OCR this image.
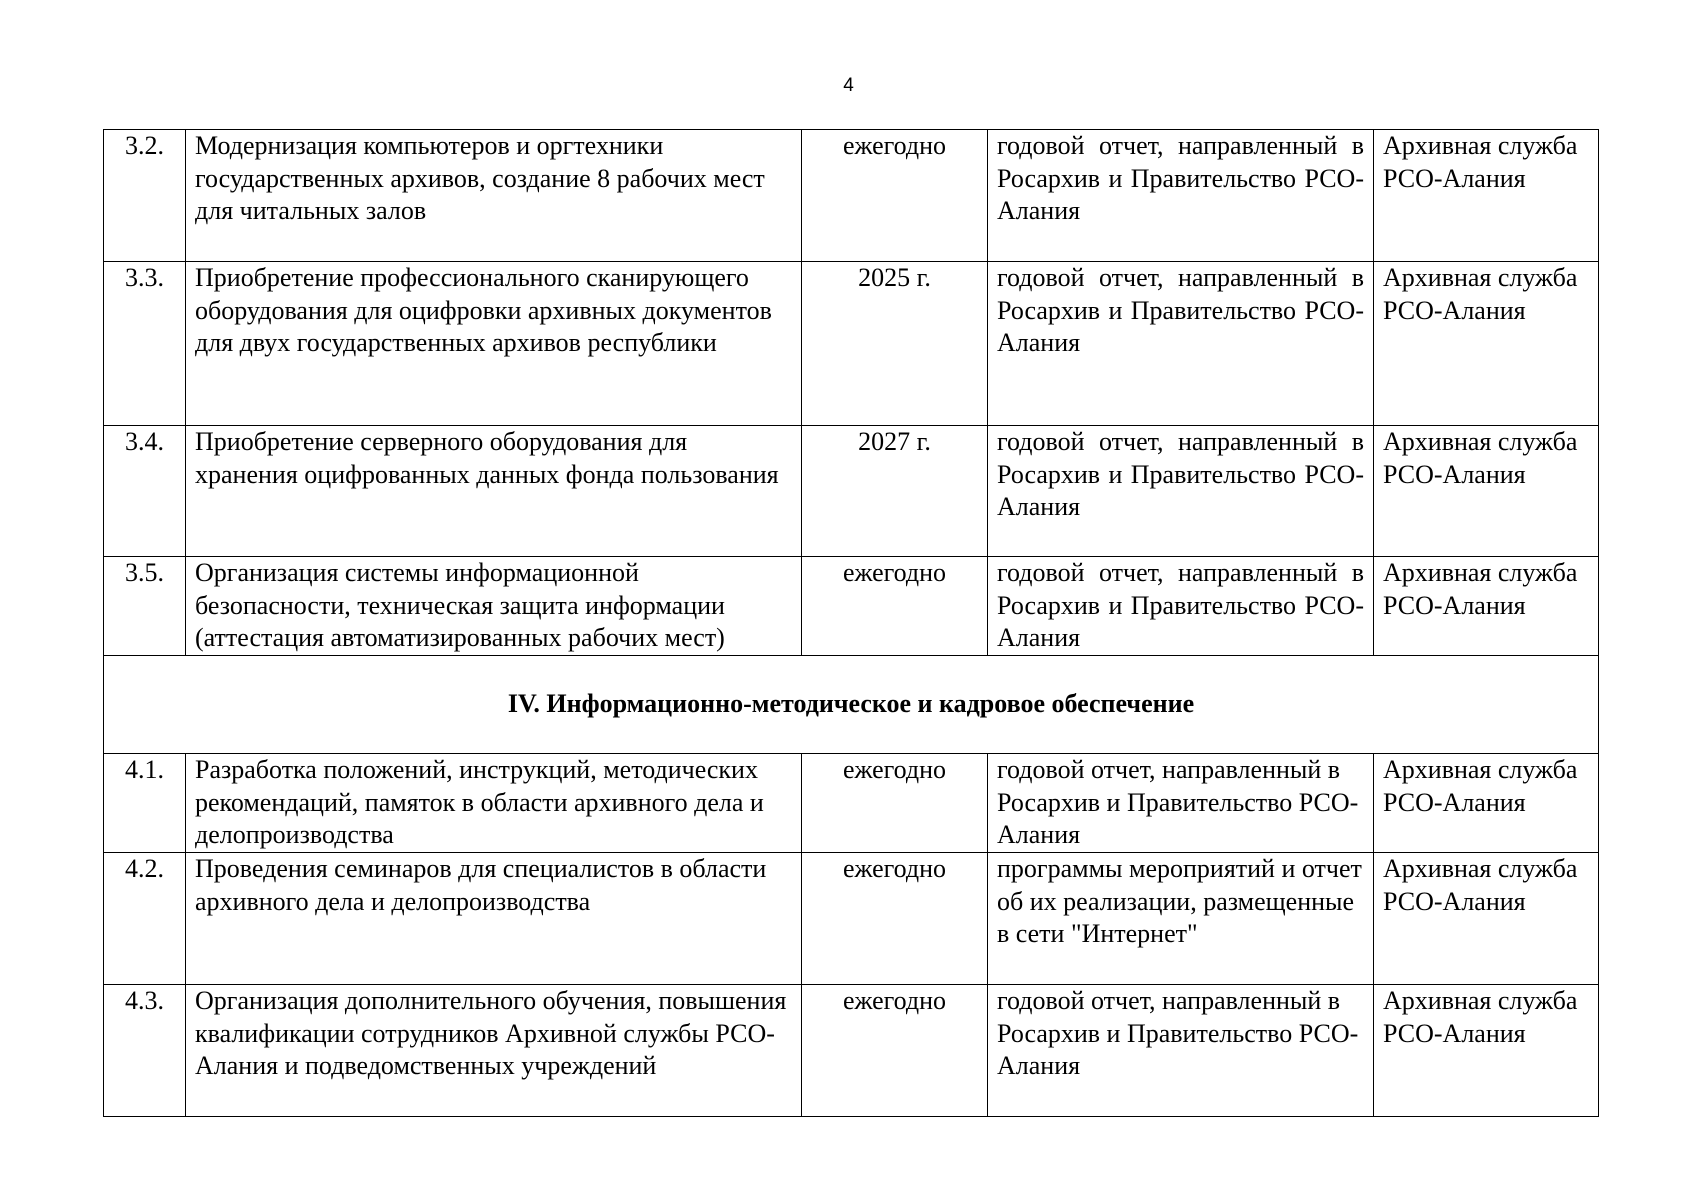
4
3.2.	Модернизация компьютеров и оргтехники государственных архивов, создание 8 рабочих мест для читальных залов	ежегодно	годовой отчет, направленный в Росархив и Правительство РСО-Алания	Архивная служба РСО-Алания
3.3.	Приобретение профессионального сканирующего оборудования для оцифровки архивных документов для двух государственных архивов республики	2025 г.	годовой отчет, направленный в Росархив и Правительство РСО-Алания	Архивная служба РСО-Алания
3.4.	Приобретение серверного оборудования для хранения оцифрованных данных фонда пользования	2027 г.	годовой отчет, направленный в Росархив и Правительство РСО-Алания	Архивная служба РСО-Алания
3.5.	Организация системы информационной безопасности, техническая защита информации (аттестация автоматизированных рабочих мест)	ежегодно	годовой отчет, направленный в Росархив и Правительство РСО-Алания	Архивная служба РСО-Алания
IV. Информационно-методическое и кадровое обеспечение				
4.1.	Разработка положений, инструкций, методических рекомендаций, памяток в области архивного дела и делопроизводства	ежегодно	годовой отчет, направленный в Росархив и Правительство РСО-Алания	Архивная служба РСО-Алания
4.2.	Проведения семинаров для специалистов в области архивного дела и делопроизводства	ежегодно	программы мероприятий и отчет об их реализации, размещенные в сети "Интернет"	Архивная служба РСО-Алания
4.3.	Организация дополнительного обучения, повышения квалификации сотрудников Архивной службы РСО-Алания и подведомственных учреждений	ежегодно	годовой отчет, направленный в Росархив и Правительство РСО-Алания	Архивная служба РСО-Алания
